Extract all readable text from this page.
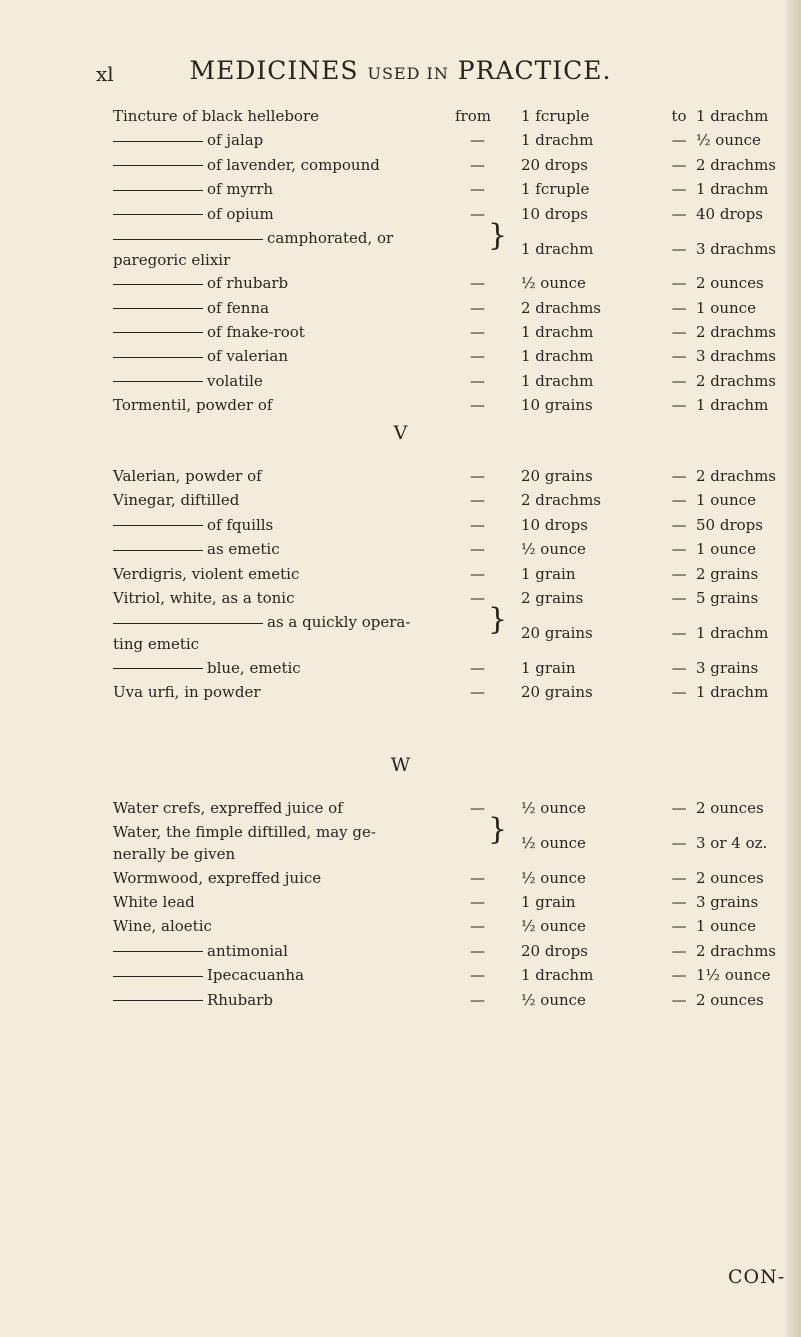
xl	MEDICINES USED IN PRACTICE.
Tincture of black hellebore	from 1 fcruple	to 1 drachm
of jalap	— 1 drachm	— ½ ounce
of lavender, compound	— 20 drops	— 2 drachms
of myrrh	— 1 fcruple	— 1 drachm
of opium	— 10 drops	— 40 drops
camphorated, or
paregoric elixir
} 1 drachm	— 3 drachms
of rhubarb	— ½ ounce	— 2 ounces
of fenna	— 2 drachms	— 1 ounce
of fnake-root	— 1 drachm	— 2 drachms
of valerian	— 1 drachm	— 3 drachms
volatile	— 1 drachm	— 2 drachms
Tormentil, powder of	— 10 grains	— 1 drachm
V
Valerian, powder of	— 20 grains	— 2 drachms
Vinegar, diftilled	— 2 drachms	— 1 ounce
of fquills	— 10 drops	— 50 drops
as emetic	— ½ ounce	— 1 ounce
Verdigris, violent emetic	— 1 grain	— 2 grains
Vitriol, white, as a tonic	— 2 grains	— 5 grains
as a quickly opera-
ting emetic
} 20 grains	— 1 drachm
blue, emetic	— 1 grain	— 3 grains
Uva urfi, in powder	— 20 grains	— 1 drachm
W
Water crefs, expreffed juice of	— ½ ounce	— 2 ounces
Water, the fimple diftilled, may ge-
nerally be given
} ½ ounce	— 3 or 4 oz.
Wormwood, expreffed juice	— ½ ounce	— 2 ounces
White lead	— 1 grain	— 3 grains
Wine, aloetic	— ½ ounce	— 1 ounce
antimonial	— 20 drops	— 2 drachms
Ipecacuanha	— 1 drachm	— 1½ ounce
Rhubarb	— ½ ounce	— 2 ounces
CON-
